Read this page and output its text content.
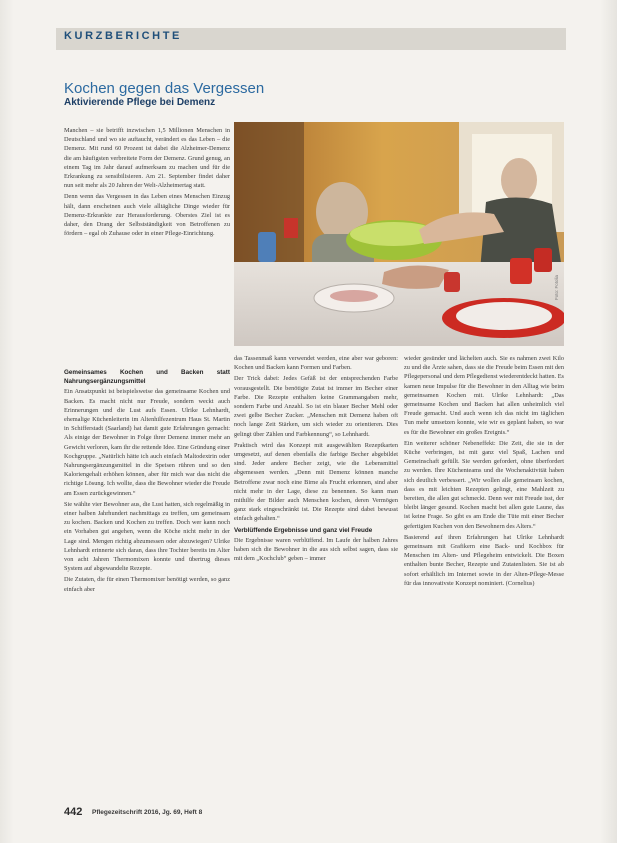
KURZBERICHTE
Kochen gegen das Vergessen
Aktivierende Pflege bei Demenz

Manchen – sie betrifft inzwischen 1,5 Millionen Menschen in Deutschland und wo sie auftaucht, verändert es das Leben – die Demenz. Mit rund 60 Prozent ist dabei die Alzheimer-Demenz die am häufigsten verbreitete Form der Demenz. Grund genug, an einem Tag im Jahr darauf aufmerksam zu machen und für die Erkrankung zu sensibilisieren. Am 21. September findet daher nun seit mehr als 20 Jahren der Welt-Alzheimertag statt.

Denn wenn das Vergessen in das Leben eines Menschen Einzug hält, dann erscheinen auch viele alltägliche Dinge wieder für Demenz-Erkrankte zur Herausforderung. Oberstes Ziel ist es daher, den Drang der Selbstständigkeit von Betroffenen zu fördern – egal ob Zuhause oder in einer Pflege-Einrichtung.

Foto: Fotolia
Gemeinsames Kochen und Backen statt Nahrungsergänzungsmittel

Ein Ansatzpunkt ist beispielsweise das gemeinsame Kochen und Backen. Es macht nicht nur Freude, sondern weckt auch Erinnerungen und die Lust aufs Essen. Ulrike Lehnhardt, ehemalige Küchenleiterin im Altenhilfezentrum Haus St. Martin in Schifferstadt (Saarland) hat damit gute Erfahrungen gemacht: Als einige der Bewohner in Folge ihrer Demenz immer mehr an Gewicht verloren, kam ihr die rettende Idee. Eine Gründung einer Kochgruppe. „Natürlich hätte ich auch einfach Maltodextrin oder Nahrungsergänzungsmittel in die Speisen rühren und so den Kaloriengehalt erhöhen können, aber für mich war das nicht die richtige Lösung. Ich wollte, dass die Bewohner wieder die Freude am Essen zurückgewinnen.“

Sie wählte vier Bewohner aus, die Lust hatten, sich regelmäßig in einer halben Jahrhundert nachmittags zu treffen, um gemeinsam zu kochen. Backen und Kochen zu treffen. Doch wer kann noch ein Vorhaben gut angehen, wenn die Köche nicht mehr in der Lage sind. Mengen richtig abzumessen oder abzuwiegen? Ulrike Lehnhardt erinnerte sich daran, dass ihre Tochter bereits im Alter von acht Jahren Thermomixen konnte und übertrug dieses System auf abgewandelte Rezepte.

Die Zutaten, die für einen Thermomixer benötigt werden, so ganz einfach aber

das Tassenmaß kann verwendet werden, eine aber war geboren: Kochen und Backen kann Formen und Farben.

Der Trick dabei: Jedes Gefäß ist der entsprechenden Farbe vorausgestellt. Die benötigte Zutat ist immer im Becher einer Farbe. Die Rezepte enthalten keine Grammangaben mehr, sondern Farbe und Anzahl. So ist ein blauer Becher Mehl oder zwei gelbe Becher Zucker. „Menschen mit Demenz haben oft noch lange Zeit Stärken, um sich wieder zu orientieren. Dies gelingt über Zählen und Farbkennung“, so Lehnhardt.

Praktisch wird das Konzept mit ausgewählten Rezeptkarten umgesetzt, auf denen ebenfalls die farbige Becher abgebildet sind. Jeder andere Becher zeigt, wie die Lebensmittel abgemessen werden. „Denn mit Demenz können manche Betroffene zwar noch eine Birne als Frucht erkennen, sind aber nicht mehr in der Lage, diese zu benennen. So kann man mithilfe der Bilder auch Menschen kochen, deren Vermögen ganz stark eingeschränkt ist. Die Rezepte sind dabei bewusst einfach gehalten.“

Verblüffende Ergebnisse und ganz viel Freude

Die Ergebnisse waren verblüffend. Im Laufe der halben Jahres haben sich die Bewohner in die aus sich selbst sagen, dass sie mit dem „Kochclub“ geben – immer

wieder gesünder und lächelten auch. Sie es nahmen zwei Kilo zu und die Ärzte sahen, dass sie die Freude beim Essen mit den Pflegepersonal und dem Pflegedienst wiederentdeckt hatten. Es kamen neue Impulse für die Bewohner in den Alltag wie beim gemeinsamen Kochen mit. Ulrike Lehnhardt: „Das gemeinsame Kochen und Backen hat allen unheimlich viel Freude gemacht. Und auch wenn ich das nicht im täglichen Tun mehr umsetzen konnte, wie wir es geplant haben, so war es für die Bewohner ein großes Ereignis.“

Ein weiterer schöner Nebeneffekt: Die Zeit, die sie in der Küche verbringen, ist mit ganz viel Spaß, Lachen und Gemeinschaft gefüllt. Sie werden gefordert, ohne überfordert zu werden. Ihre Küchenteams und die Wochenaktivität haben sich deutlich verbessert. „Wir wollen alle gemeinsam kochen, dass es mit leichten Rezepten gelingt, eine Mahlzeit zu bereiten, die allen gut schmeckt. Denn wer mit Freude isst, der bleibt länger gesund. Kochen macht bei allen gute Laune, das ist keine Frage. So gibt es am Ende die Tüte mit einer Becher gefertigten Kuchen von den Bewohnern des Alters.“

Basierend auf ihren Erfahrungen hat Ulrike Lehnhardt gemeinsam mit Grafikern eine Back- und Kochbox für Menschen im Alten- und Pflegeheim entwickelt. Die Boxen enthalten bunte Becher, Rezepte und Zutatenlisten. Sie ist ab sofort erhältlich im Internet sowie in der Alten-Pflege-Messe für das innovativste Konzept nominiert. (Cornelius)

442 Pflegezeitschrift 2016, Jg. 69, Heft 8
